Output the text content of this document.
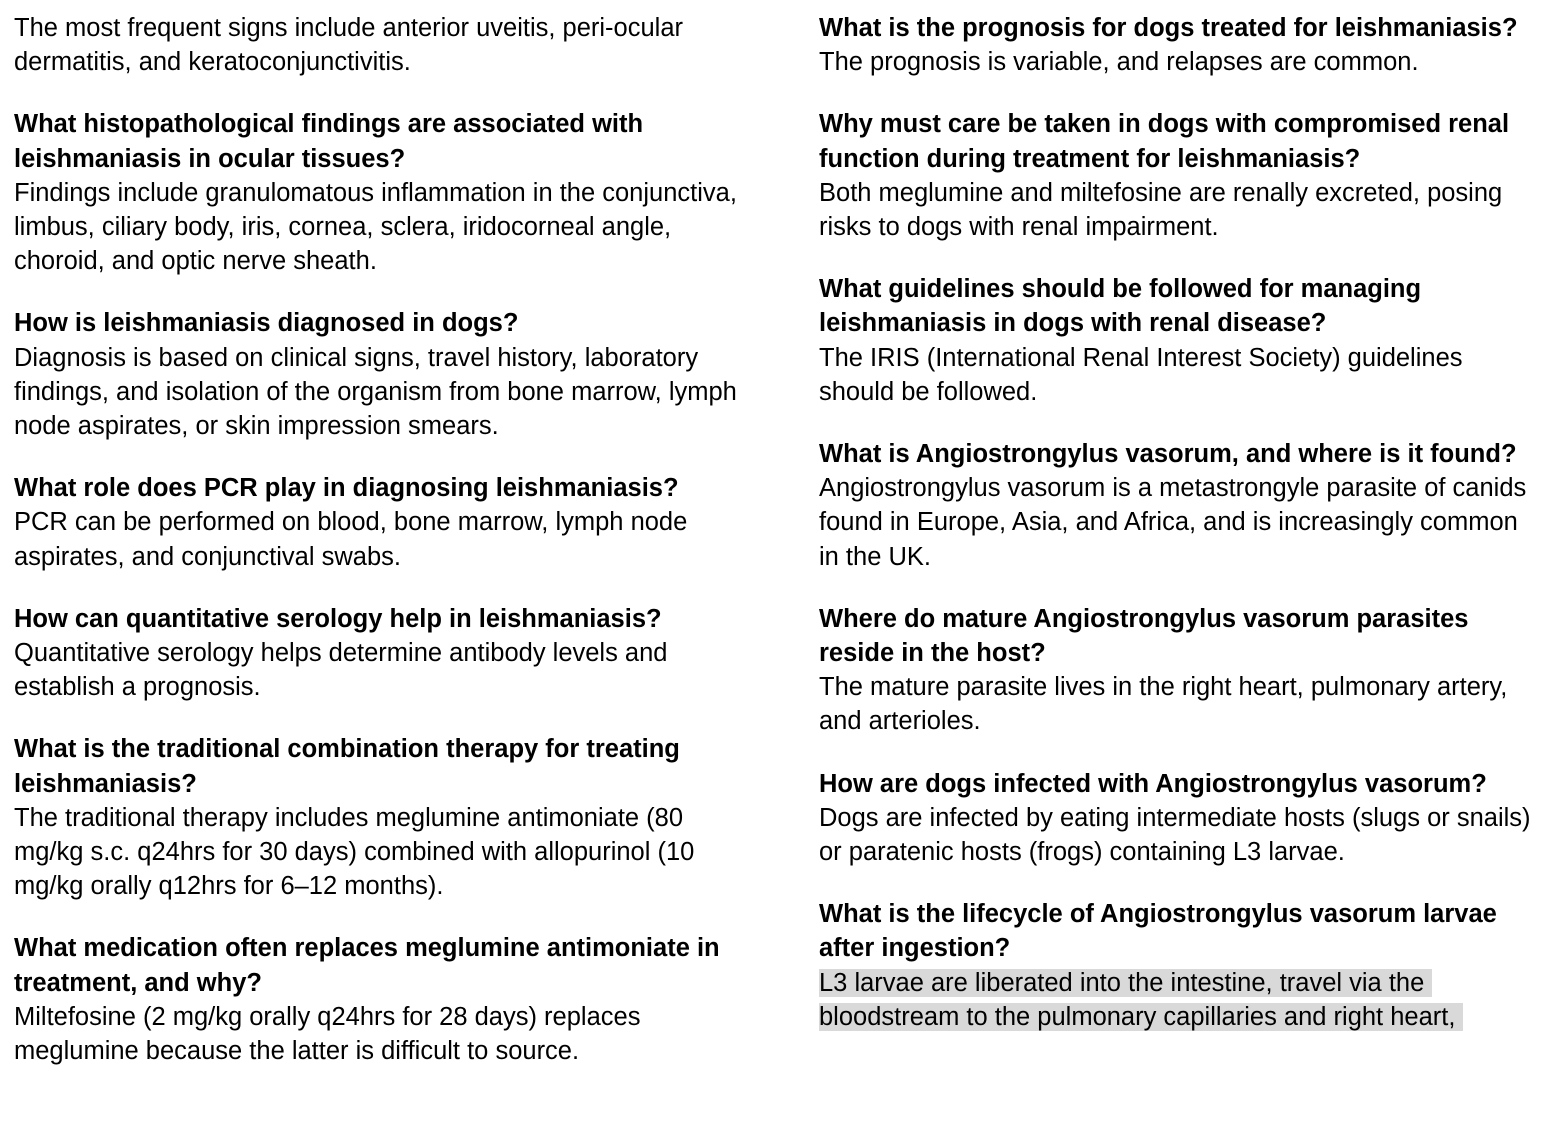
The most frequent signs include anterior uveitis, peri-ocular dermatitis, and keratoconjunctivitis.

What histopathological findings are associated with leishmaniasis in ocular tissues?

Findings include granulomatous inflammation in the conjunctiva, limbus, ciliary body, iris, cornea, sclera, iridocorneal angle, choroid, and optic nerve sheath.

How is leishmaniasis diagnosed in dogs?

Diagnosis is based on clinical signs, travel history, laboratory findings, and isolation of the organism from bone marrow, lymph node aspirates, or skin impression smears.

What role does PCR play in diagnosing leishmaniasis?

PCR can be performed on blood, bone marrow, lymph node aspirates, and conjunctival swabs.

How can quantitative serology help in leishmaniasis?

Quantitative serology helps determine antibody levels and establish a prognosis.

What is the traditional combination therapy for treating leishmaniasis?

The traditional therapy includes meglumine antimoniate (80 mg/kg s.c. q24hrs for 30 days) combined with allopurinol (10 mg/kg orally q12hrs for 6–12 months).

What medication often replaces meglumine antimoniate in treatment, and why?

Miltefosine (2 mg/kg orally q24hrs for 28 days) replaces meglumine because the latter is difficult to source.

What is the prognosis for dogs treated for leishmaniasis?

The prognosis is variable, and relapses are common.

Why must care be taken in dogs with compromised renal function during treatment for leishmaniasis?

Both meglumine and miltefosine are renally excreted, posing risks to dogs with renal impairment.

What guidelines should be followed for managing leishmaniasis in dogs with renal disease?

The IRIS (International Renal Interest Society) guidelines should be followed.

What is Angiostrongylus vasorum, and where is it found?

Angiostrongylus vasorum is a metastrongyle parasite of canids found in Europe, Asia, and Africa, and is increasingly common in the UK.

Where do mature Angiostrongylus vasorum parasites reside in the host?

The mature parasite lives in the right heart, pulmonary artery, and arterioles.

How are dogs infected with Angiostrongylus vasorum?

Dogs are infected by eating intermediate hosts (slugs or snails) or paratenic hosts (frogs) containing L3 larvae.

What is the lifecycle of Angiostrongylus vasorum larvae after ingestion?

L3 larvae are liberated into the intestine, travel via the bloodstream to the pulmonary capillaries and right heart,
